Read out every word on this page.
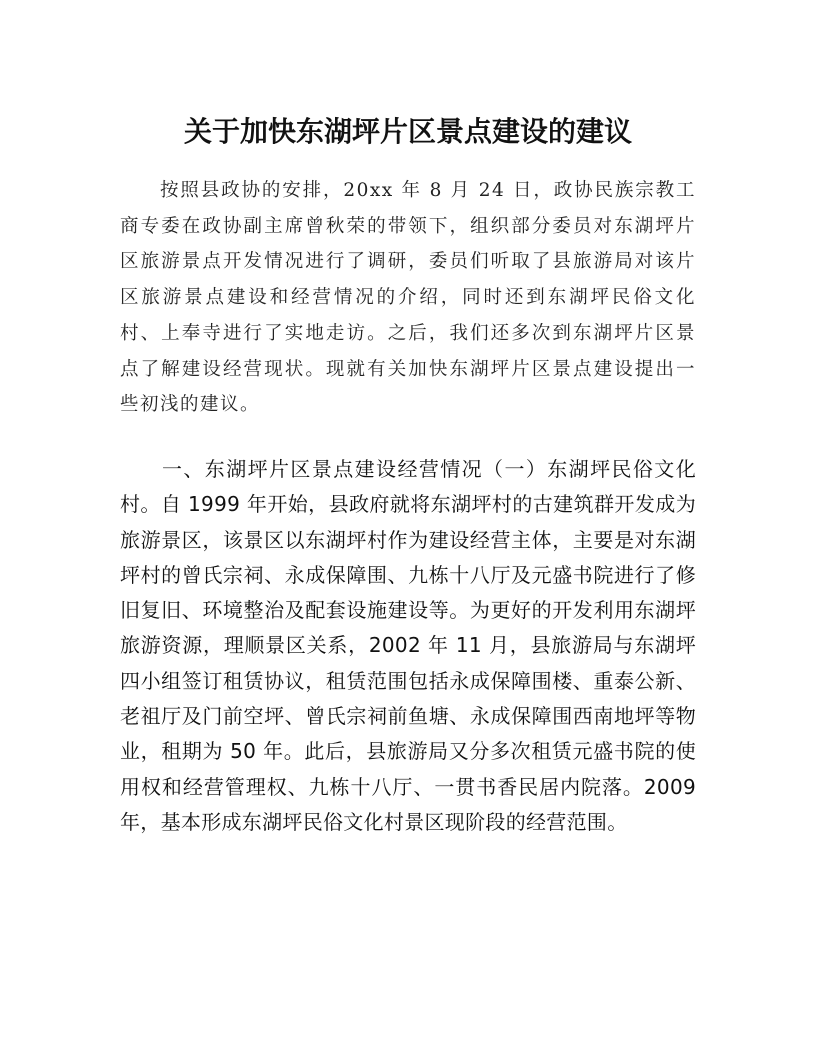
关于加快东湖坪片区景点建设的建议

按照县政协的安排，20xx 年 8 月 24 日，政协民族宗教工商专委在政协副主席曾秋荣的带领下，组织部分委员对东湖坪片区旅游景点开发情况进行了调研，委员们听取了县旅游局对该片区旅游景点建设和经营情况的介绍，同时还到东湖坪民俗文化村、上奉寺进行了实地走访。之后，我们还多次到东湖坪片区景点了解建设经营现状。现就有关加快东湖坪片区景点建设提出一些初浅的建议。

一、东湖坪片区景点建设经营情况（一）东湖坪民俗文化村。自 1999 年开始，县政府就将东湖坪村的古建筑群开发成为旅游景区，该景区以东湖坪村作为建设经营主体，主要是对东湖坪村的曾氏宗祠、永成保障围、九栋十八厅及元盛书院进行了修旧复旧、环境整治及配套设施建设等。为更好的开发利用东湖坪旅游资源，理顺景区关系，2002 年 11 月，县旅游局与东湖坪四小组签订租赁协议，租赁范围包括永成保障围楼、重泰公新、老祖厅及门前空坪、曾氏宗祠前鱼塘、永成保障围西南地坪等物业，租期为 50 年。此后，县旅游局又分多次租赁元盛书院的使用权和经营管理权、九栋十八厅、一贯书香民居内院落。2009 年，基本形成东湖坪民俗文化村景区现阶段的经营范围。
